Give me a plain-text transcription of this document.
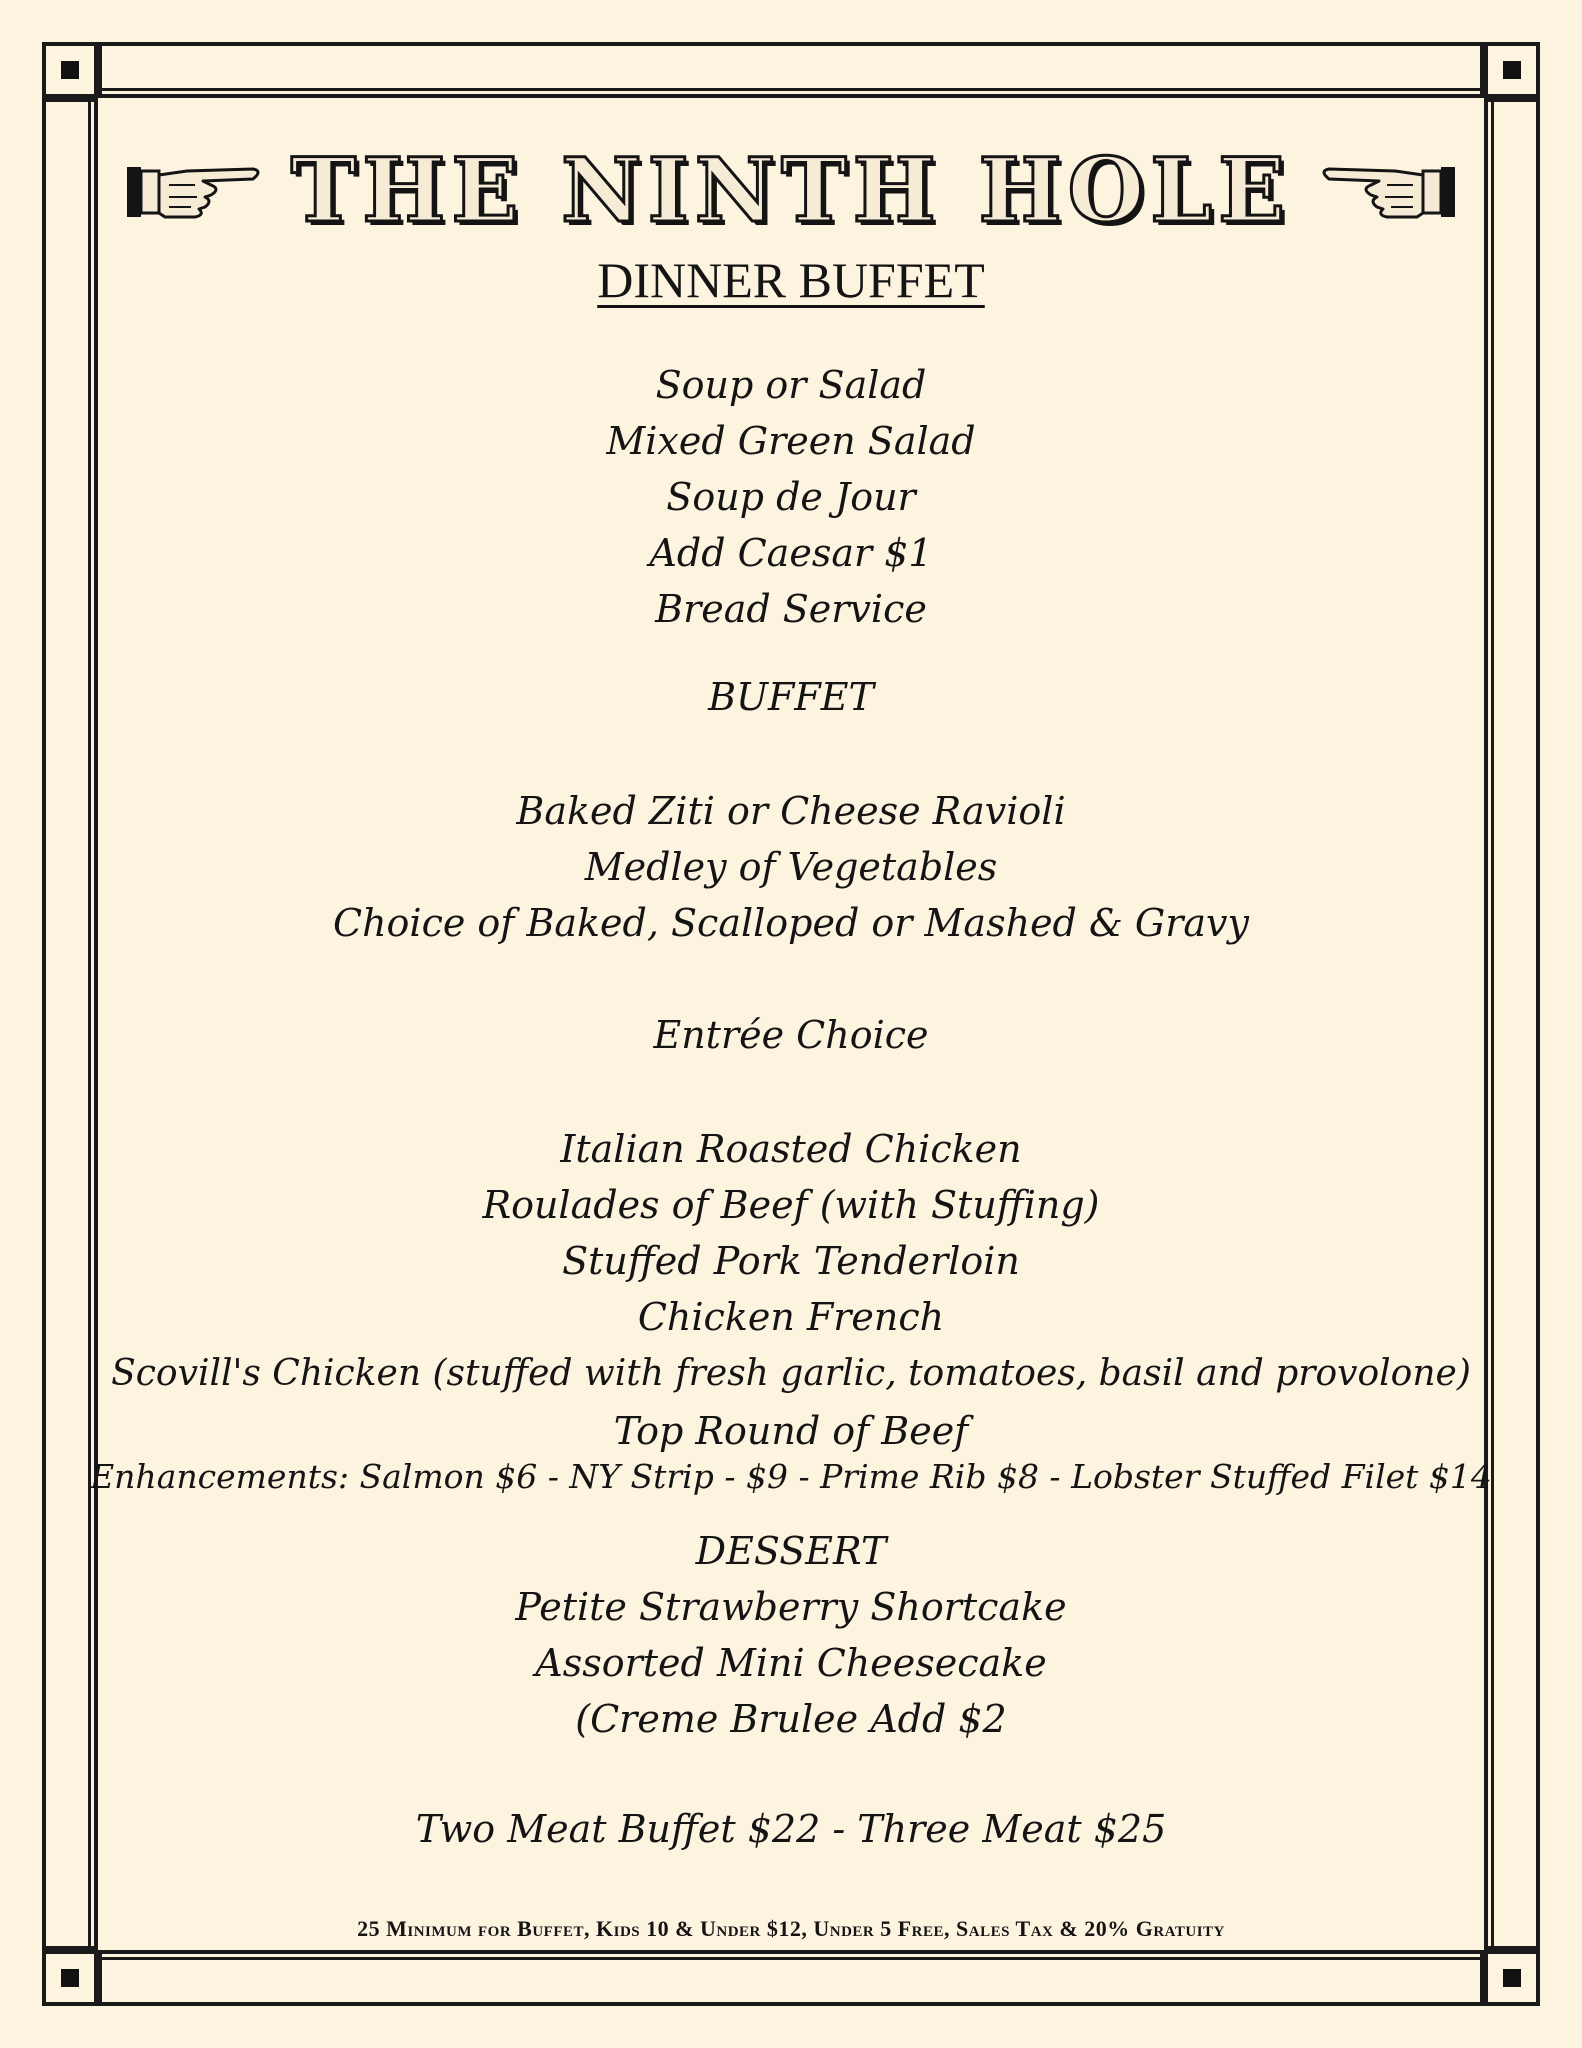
THE NINTH HOLE
DINNER BUFFET
Soup or Salad
Mixed Green Salad
Soup de Jour
Add Caesar $1
Bread Service
BUFFET
Baked Ziti or Cheese Ravioli
Medley of Vegetables
Choice of Baked, Scalloped or Mashed & Gravy
Entrée Choice
Italian Roasted Chicken
Roulades of Beef (with Stuffing)
Stuffed Pork Tenderloin
Chicken French
Scovill's Chicken (stuffed with fresh garlic, tomatoes, basil and provolone)
Top Round of Beef
Enhancements: Salmon $6 - NY Strip - $9 - Prime Rib $8 - Lobster Stuffed Filet $14
DESSERT
Petite Strawberry Shortcake
Assorted Mini Cheesecake
(Creme Brulee Add $2
Two Meat Buffet $22 - Three Meat $25
25 Minimum for Buffet, Kids 10 & Under $12, Under 5 Free, Sales Tax & 20% Gratuity
